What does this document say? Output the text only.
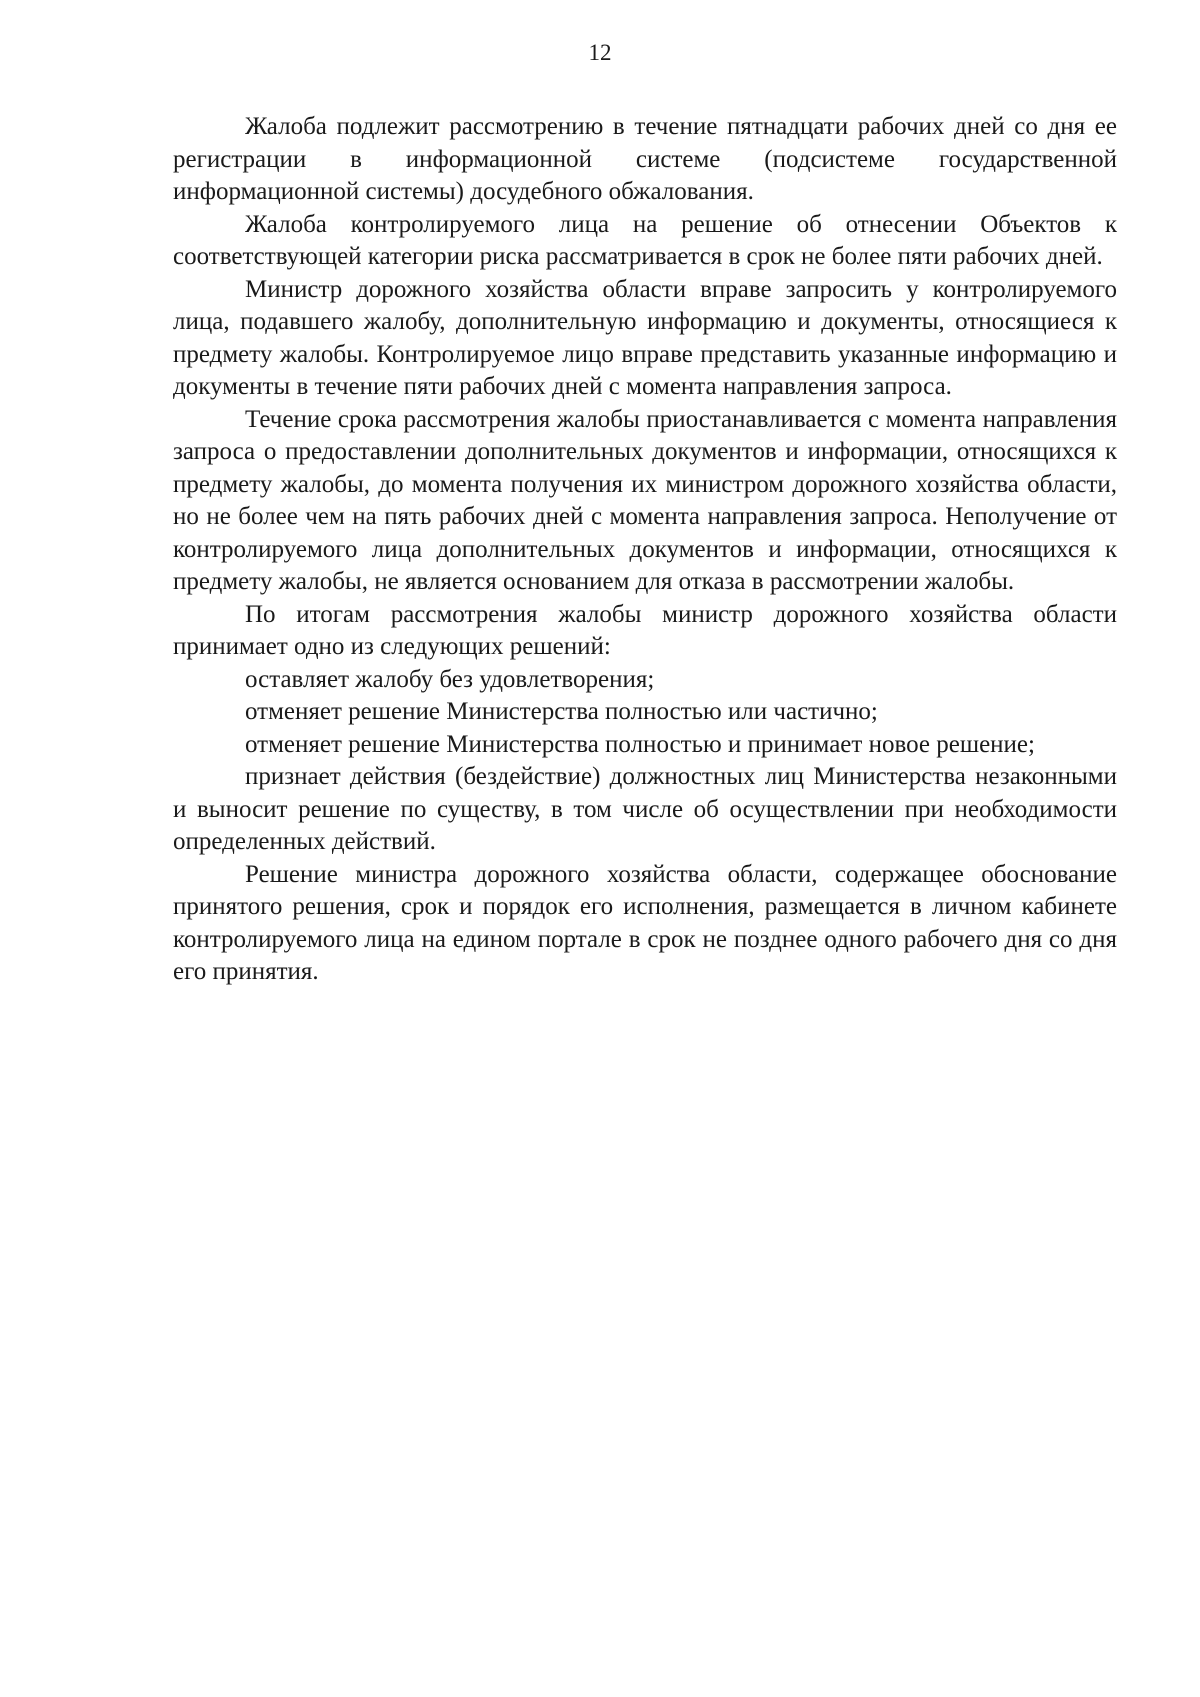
12

Жалоба подлежит рассмотрению в течение пятнадцати рабочих дней со дня ее регистрации в информационной системе (подсистеме государственной информационной системы) досудебного обжалования.

Жалоба контролируемого лица на решение об отнесении Объектов к соответствующей категории риска рассматривается в срок не более пяти рабочих дней.

Министр дорожного хозяйства области вправе запросить у контролируемого лица, подавшего жалобу, дополнительную информацию и документы, относящиеся к предмету жалобы. Контролируемое лицо вправе представить указанные информацию и документы в течение пяти рабочих дней с момента направления запроса.

Течение срока рассмотрения жалобы приостанавливается с момента направления запроса о предоставлении дополнительных документов и информации, относящихся к предмету жалобы, до момента получения их министром дорожного хозяйства области, но не более чем на пять рабочих дней с момента направления запроса. Неполучение от контролируемого лица дополнительных документов и информации, относящихся к предмету жалобы, не является основанием для отказа в рассмотрении жалобы.

По итогам рассмотрения жалобы министр дорожного хозяйства области принимает одно из следующих решений:

оставляет жалобу без удовлетворения;

отменяет решение Министерства полностью или частично;

отменяет решение Министерства полностью и принимает новое решение;

признает действия (бездействие) должностных лиц Министерства незаконными и выносит решение по существу, в том числе об осуществлении при необходимости определенных действий.

Решение министра дорожного хозяйства области, содержащее обоснование принятого решения, срок и порядок его исполнения, размещается в личном кабинете контролируемого лица на едином портале в срок не позднее одного рабочего дня со дня его принятия.
